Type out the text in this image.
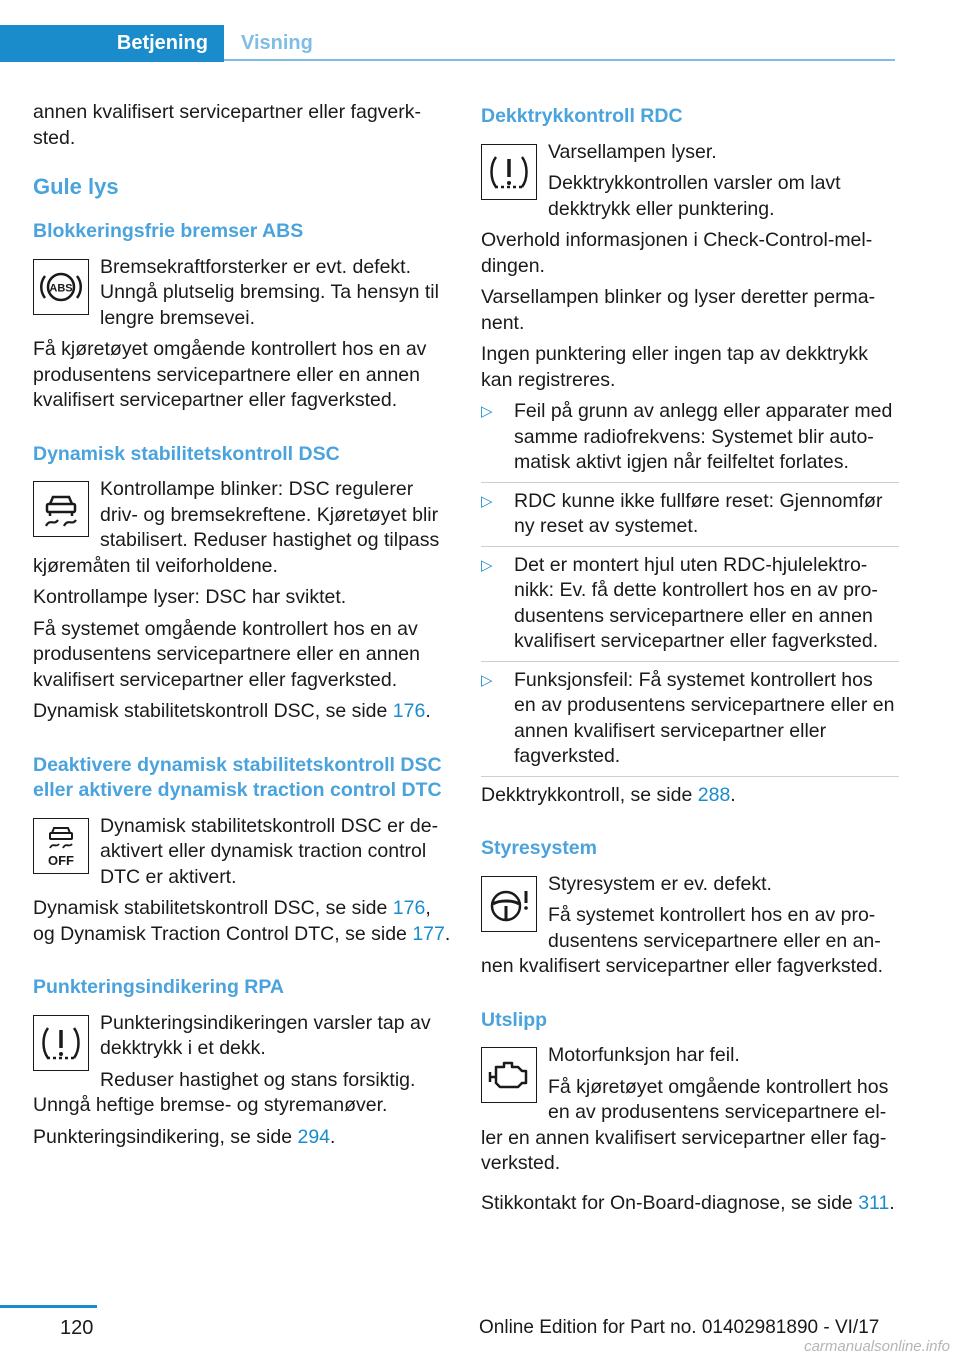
Betjening	Visning

annen kvalifisert servicepartner eller fagverk-sted.

Gule lys
Blokkeringsfrie bremser ABS
ABS

Bremsekraftforsterker er evt. defekt. Unngå plutselig bremsing. Ta hensyn til lengre bremsevei.

Få kjøretøyet omgående kontrollert hos en av produsentens servicepartnere eller en annen kvalifisert servicepartner eller fagverksted.

Dynamisk stabilitetskontroll DSC

Kontrollampe blinker: DSC regulerer driv- og bremsekreftene. Kjøretøyet blir stabilisert. Reduser hastighet og tilpass kjøremåten til veiforholdene.

Kontrollampe lyser: DSC har sviktet.

Få systemet omgående kontrollert hos en av produsentens servicepartnere eller en annen kvalifisert servicepartner eller fagverksted.

Dynamisk stabilitetskontroll DSC, se side 176.

Deaktivere dynamisk stabilitetskontroll DSC eller aktivere dynamisk traction control DTC
OFF

Dynamisk stabilitetskontroll DSC er de-aktivert eller dynamisk traction control DTC er aktivert.

Dynamisk stabilitetskontroll DSC, se side 176, og Dynamisk Traction Control DTC, se side 177.

Punkteringsindikering RPA

Punkteringsindikeringen varsler tap av dekktrykk i et dekk.

Reduser hastighet og stans forsiktig. Unngå heftige bremse- og styremanøver.

Punkteringsindikering, se side 294.

Dekktrykkontroll RDC

Varsellampen lyser.

Dekktrykkontrollen varsler om lavt dekktrykk eller punktering.

Overhold informasjonen i Check-Control-mel-dingen.

Varsellampen blinker og lyser deretter perma-nent.

Ingen punktering eller ingen tap av dekktrykk kan registreres.

▷ Feil på grunn av anlegg eller apparater med samme radiofrekvens: Systemet blir auto-matisk aktivt igjen når feilfeltet forlates.
▷ RDC kunne ikke fullføre reset: Gjennomfør ny reset av systemet.
▷ Det er montert hjul uten RDC-hjulelektro-nikk: Ev. få dette kontrollert hos en av pro-dusentens servicepartnere eller en annen kvalifisert servicepartner eller fagverksted.
▷ Funksjonsfeil: Få systemet kontrollert hos en av produsentens servicepartnere eller en annen kvalifisert servicepartner eller fagverksted.

Dekktrykkontroll, se side 288.

Styresystem

Styresystem er ev. defekt.

Få systemet kontrollert hos en av pro-dusentens servicepartnere eller en an-nen kvalifisert servicepartner eller fagverksted.

Utslipp

Motorfunksjon har feil.

Få kjøretøyet omgående kontrollert hos en av produsentens servicepartnere el-ler en annen kvalifisert servicepartner eller fag-verksted.

Stikkontakt for On-Board-diagnose, se side 311.

120	Online Edition for Part no. 01402981890 - VI/17
carmanualsonline.info
